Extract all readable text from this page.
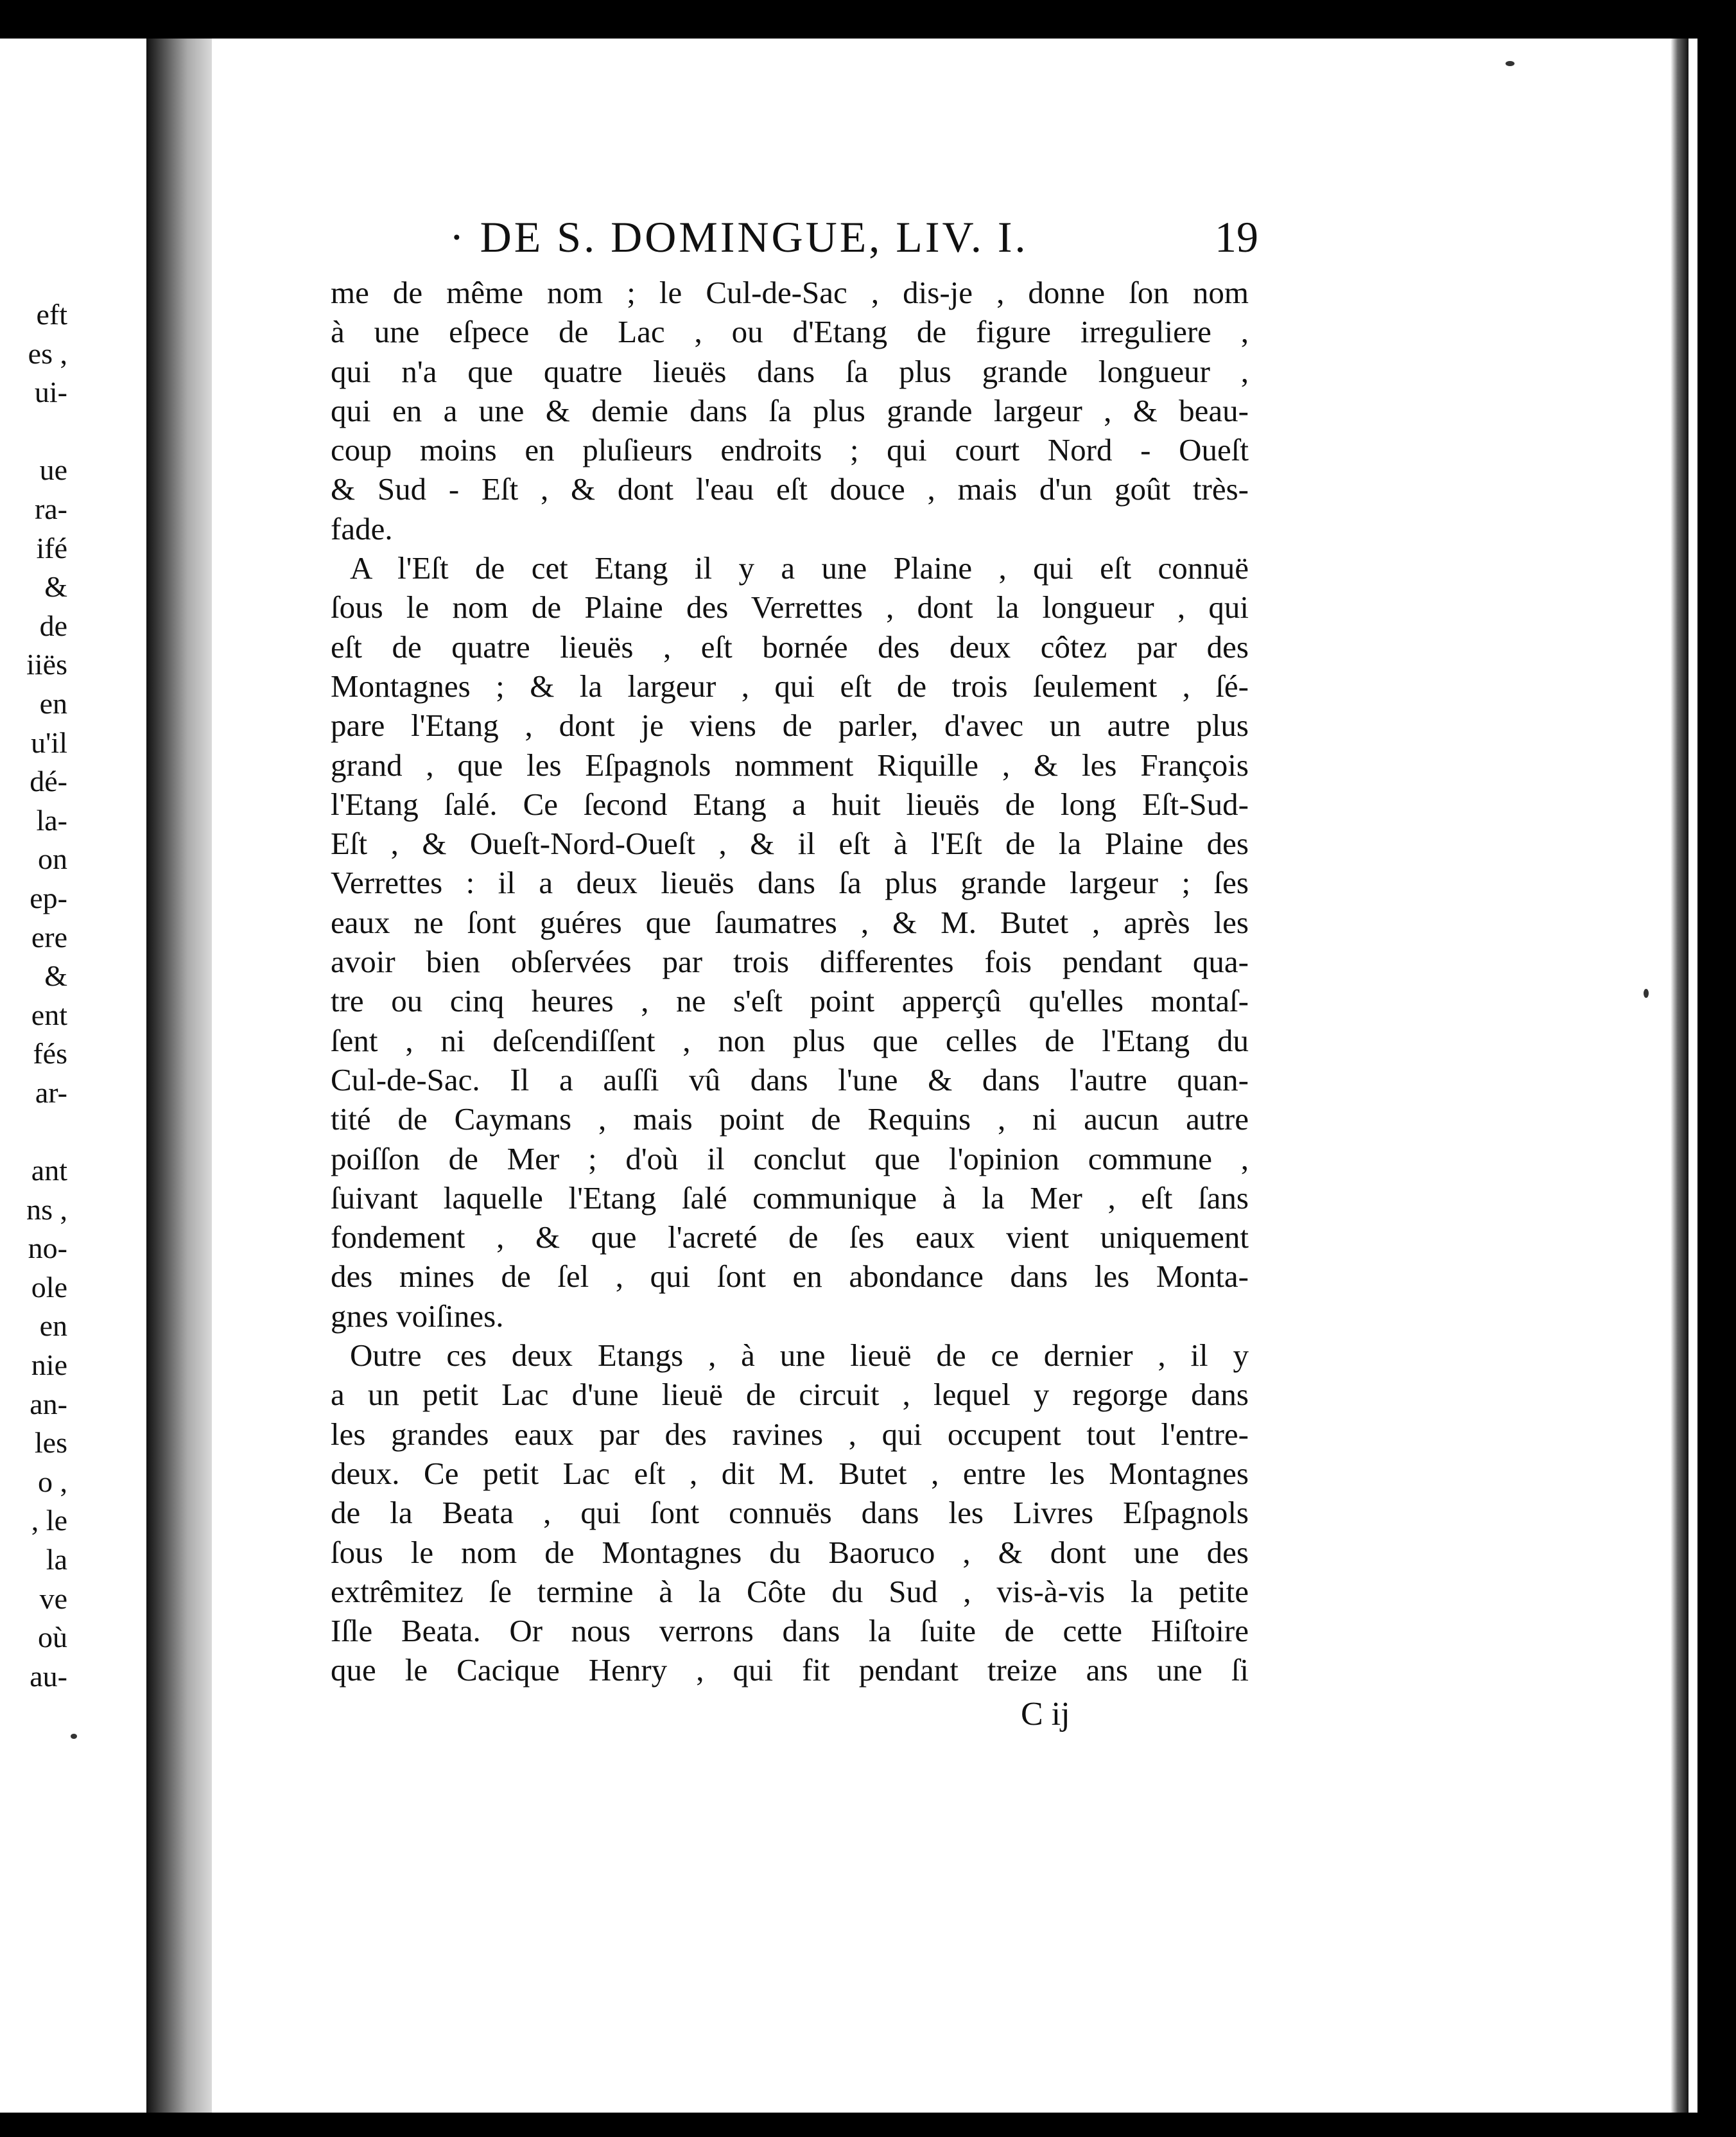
eft
es ,
ui-
ue
ra-
ifé
&
de
iiës
en
u'il
dé-
la-
on
ep-
ere
&
ent
fés
ar-
ant
ns ,
no-
ole
en
nie
an-
les
o ,
, le
la
ve
où
au-
· DE S. DOMINGUE, LIV. I.	19
me de même nom ; le Cul-de-Sac , dis-je , donne ſon nom
à une eſpece de Lac , ou d'Etang de figure irreguliere ,
qui n'a que quatre lieuës dans ſa plus grande longueur ,
qui en a une & demie dans ſa plus grande largeur , & beau-
coup moins en pluſieurs endroits ; qui court Nord - Oueſt
& Sud - Eſt , & dont l'eau eſt douce , mais d'un goût très-
fade.
A l'Eſt de cet Etang il y a une Plaine , qui eſt connuë
ſous le nom de Plaine des Verrettes , dont la longueur , qui
eſt de quatre lieuës , eſt bornée des deux côtez par des
Montagnes ; & la largeur , qui eſt de trois ſeulement , ſé-
pare l'Etang , dont je viens de parler, d'avec un autre plus
grand , que les Eſpagnols nomment Riquille , & les François
l'Etang ſalé. Ce ſecond Etang a huit lieuës de long Eſt-Sud-
Eſt , & Oueſt-Nord-Oueſt , & il eſt à l'Eſt de la Plaine des
Verrettes : il a deux lieuës dans ſa plus grande largeur ; ſes
eaux ne ſont guéres que ſaumatres , & M. Butet , après les
avoir bien obſervées par trois differentes fois pendant qua-
tre ou cinq heures , ne s'eſt point apperçû qu'elles montaſ-
ſent , ni deſcendiſſent , non plus que celles de l'Etang du
Cul-de-Sac. Il a auſſi vû dans l'une & dans l'autre quan-
tité de Caymans , mais point de Requins , ni aucun autre
poiſſon de Mer ; d'où il conclut que l'opinion commune ,
ſuivant laquelle l'Etang ſalé communique à la Mer , eſt ſans
fondement , & que l'acreté de ſes eaux vient uniquement
des mines de ſel , qui ſont en abondance dans les Monta-
gnes voiſines.
Outre ces deux Etangs , à une lieuë de ce dernier , il y
a un petit Lac d'une lieuë de circuit , lequel y regorge dans
les grandes eaux par des ravines , qui occupent tout l'entre-
deux. Ce petit Lac eſt , dit M. Butet , entre les Montagnes
de la Beata , qui ſont connuës dans les Livres Eſpagnols
ſous le nom de Montagnes du Baoruco , & dont une des
extrêmitez ſe termine à la Côte du Sud , vis-à-vis la petite
Iſle Beata. Or nous verrons dans la ſuite de cette Hiſtoire
que le Cacique Henry , qui fit pendant treize ans une ſi
C ij
